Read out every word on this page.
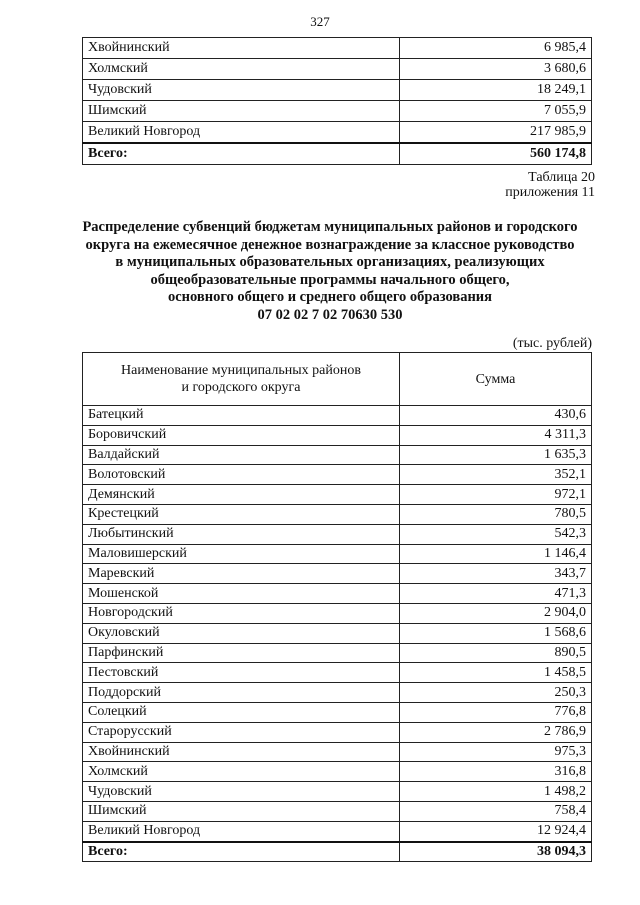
327
Хвойнинский	6 985,4
Холмский	3 680,6
Чудовский	18 249,1
Шимский	7 055,9
Великий Новгород	217 985,9
Всего:	560 174,8
Таблица 20
приложения 11
Распределение субвенций бюджетам муниципальных районов и городского
округа на ежемесячное денежное вознаграждение за классное руководство
в муниципальных образовательных организациях, реализующих
общеобразовательные программы начального общего,
основного общего и среднего общего образования
07 02 02 7 02 70630 530
(тыс. рублей)
Наименование муниципальных районов
и городского округа	Сумма
Батецкий	430,6
Боровичский	4 311,3
Валдайский	1 635,3
Волотовский	352,1
Демянский	972,1
Крестецкий	780,5
Любытинский	542,3
Маловишерский	1 146,4
Маревский	343,7
Мошенской	471,3
Новгородский	2 904,0
Окуловский	1 568,6
Парфинский	890,5
Пестовский	1 458,5
Поддорский	250,3
Солецкий	776,8
Старорусский	2 786,9
Хвойнинский	975,3
Холмский	316,8
Чудовский	1 498,2
Шимский	758,4
Великий Новгород	12 924,4
Всего:	38 094,3
